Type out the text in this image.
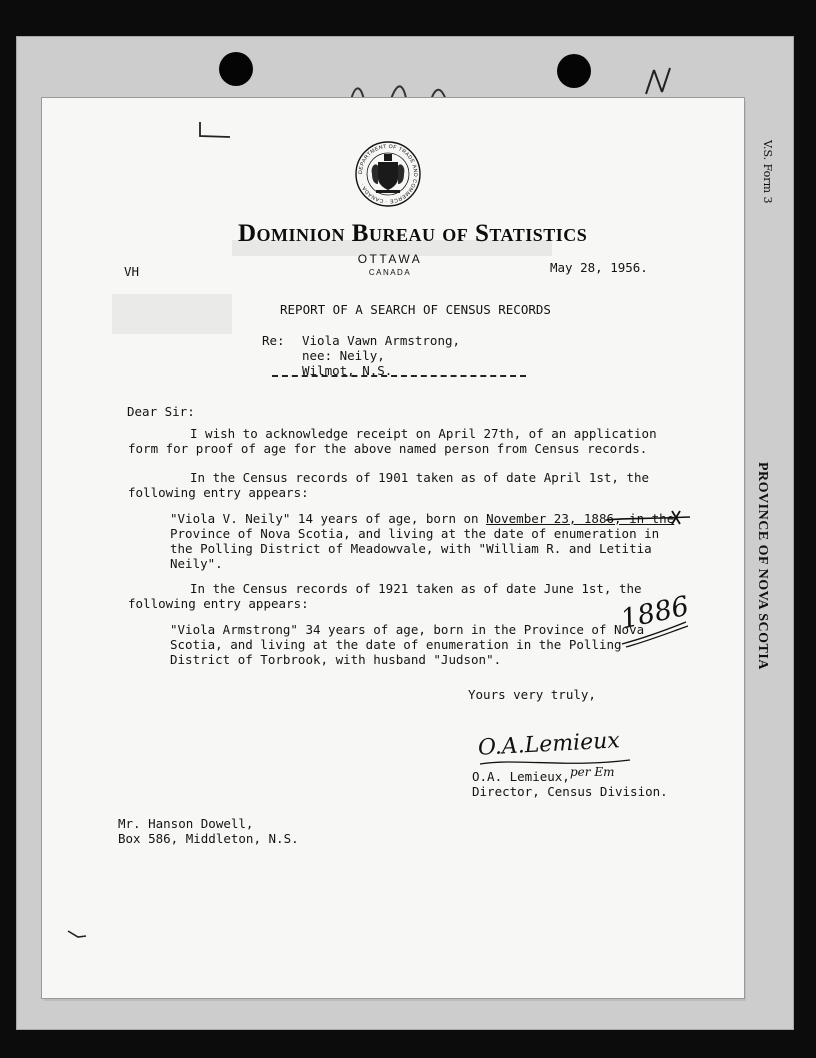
V.S. Form 3
PROVINCE OF NOVA SCOTIA
DEPARTMENT OF TRADE AND COMMERCE · CANADA ·
Dominion Bureau of Statistics
OTTAWA
CANADA
VH	May 28, 1956.
REPORT OF A SEARCH OF CENSUS RECORDS
Re: Viola Vawn Armstrong,
nee: Neily,
Wilmot, N.S.
Dear Sir:
I wish to acknowledge receipt on April 27th, of an application
form for proof of age for the above named person from Census records.
In the Census records of 1901 taken as of date April 1st, the
following entry appears:
"Viola V. Neily" 14 years of age, born on November 23, 1886, in the
Province of Nova Scotia, and living at the date of enumeration in
the Polling District of Meadowvale, with "William R. and Letitia
Neily".
In the Census records of 1921 taken as of date June 1st, the
following entry appears:
"Viola Armstrong" 34 years of age, born in the Province of Nova
Scotia, and living at the date of enumeration in the Polling
District of Torbrook, with husband "Judson".
1886
Yours very truly,
O.A.Lemieux
O.A. Lemieux, per Em
Director, Census Division.
Mr. Hanson Dowell,
Box 586, Middleton, N.S.
